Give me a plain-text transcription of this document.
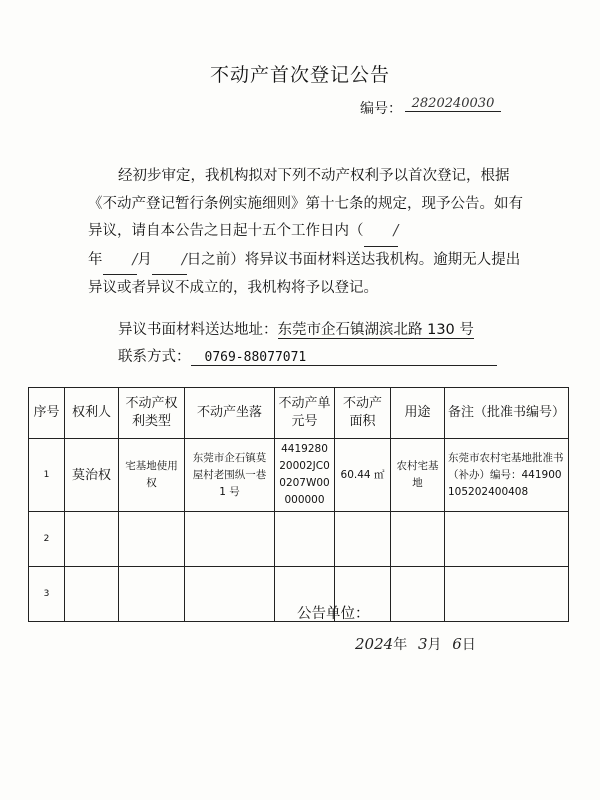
不动产首次登记公告
编号： 2820240030
经初步审定，我机构拟对下列不动产权利予以首次登记，根据《不动产登记暂行条例实施细则》第十七条的规定，现予公告。如有异议，请自本公告之日起十五个工作日内（ /
年 /月 /日之前）将异议书面材料送达我机构。逾期无人提出异议或者异议不成立的，我机构将予以登记。
异议书面材料送达地址：东莞市企石镇湖滨北路 130 号
联系方式： 0769-88077071
序号	权利人	不动产权利类型	不动产坐落	不动产单元号	不动产面积	用途	备注（批准书编号）
1	莫治权	宅基地使用权	东莞市企石镇莫屋村老围纵一巷 1 号	441928020002JC00207W00000000	60.44 ㎡	农村宅基地	东莞市农村宅基地批准书（补办）编号：441900105202400408
2							
3							
公告单位：
2024年 3月 6日
